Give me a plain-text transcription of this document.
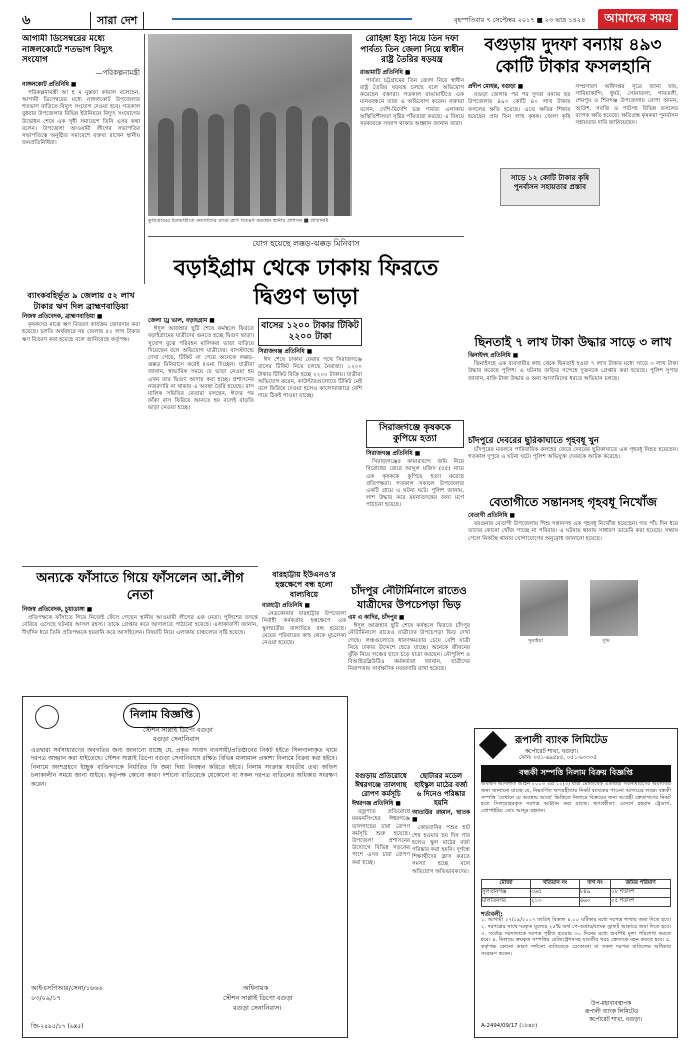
৬	সারা দেশ	বৃহস্পতিবার ৭ সেপ্টেম্বর ২০১৭ ■ ২৩ ভাদ্র ১৪২৪	আমাদের সময়
আগামী ডিসেম্বরের মধ্যে নাঙ্গলকোটে শতভাগ বিদ্যুৎ সংযোগ
—পরিকল্পনামন্ত্রী
নাঙ্গলকোট প্রতিনিধি ■

পরিকল্পনামন্ত্রী আ হ ম মুস্তফা কামাল বলেছেন, আগামী ডিসেম্বরের মধ্যে নাঙ্গলকোট উপজেলার শতভাগ বাড়িতে বিদ্যুৎ সংযোগ দেওয়া হবে। গতকাল বুধবার উপজেলার বিভিন্ন ইউনিয়নে বিদ্যুৎ সংযোগের উদ্বোধন শেষে এক সুধী সমাবেশে তিনি এসব কথা বলেন। উপজেলা আওয়ামী লীগের সভাপতির সভাপতিত্বে অনুষ্ঠিত সমাবেশে বক্তব্য রাখেন স্থানীয় জনপ্রতিনিধিরা।

কুড়িগ্রামের চিলমারীতে বন্যার্তদের মাঝে ত্রাণ বিতরণ করছেন স্থানীয় প্রশাসন ■ প্রতিনিধি
রোহিঙ্গা ইস্যু নিয়ে তিন দফা পার্বত্য তিন জেলা নিয়ে স্বাধীন রাষ্ট্র তৈরির ষড়যন্ত্র
রাঙামাটি প্রতিনিধি ■

পার্বত্য চট্টগ্রামের তিন জেলা নিয়ে স্বাধীন রাষ্ট্র তৈরির ষড়যন্ত্র চলছে বলে অভিযোগ করেছেন বক্তারা। গতকাল রাঙামাটিতে এক মানববন্ধনে তারা এ অভিযোগ করেন। বক্তারা বলেন, দেশি-বিদেশি চক্র পার্বত্য এলাকায় অস্থিতিশীলতা সৃষ্টির পাঁয়তারা করছে। এ বিষয়ে সরকারকে সজাগ থাকার আহ্বান জানান তারা।

বগুড়ায় দুদফা বন্যায় ৪৯৩ কোটি টাকার ফসলহানি
প্রদীপ মোহন্ত, বগুড়া ■

বগুড়া জেলায় পর পর দুদফা বন্যায় ছয় উপজেলায় ৪৯৩ কোটি ৪০ লাখ টাকার ফসলের ক্ষতি হয়েছে। এতে ক্ষতির শিকার হয়েছেন প্রায় তিন লাখ কৃষক। জেলা কৃষি সম্প্রসারণ অধিদপ্তর সূত্রে জানা যায়, সারিয়াকান্দি, ধুনট, সোনাতলা, গাবতলী, শেরপুর ও শিবগঞ্জ উপজেলায় রোপা আমন, আউশ, সবজি ও পাটসহ বিভিন্ন ফসলের ব্যাপক ক্ষতি হয়েছে। ক্ষতিগ্রস্ত কৃষকরা পুনর্বাসন সহায়তার দাবি জানিয়েছেন।

সাড়ে ১২ কোটি টাকার কৃষি পুনর্বাসন সহায়তার প্রস্তাব
যোগ হয়েছে লক্কড়-ঝক্কড় মিনিবাস
বড়াইগ্রাম থেকে ঢাকায় ফিরতে দ্বিগুণ ভাড়া
জেলা ট্রি ভাল, বড়াইগ্রাম ■

ঈদুল আজহার ছুটি শেষে কর্মস্থলে ফিরতে বড়াইগ্রামের যাত্রীদের গুনতে হচ্ছে দ্বিগুণ ভাড়া। সুযোগ বুঝে পরিবহন মালিকরা ভাড়া বাড়িয়ে দিয়েছেন বলে অভিযোগ যাত্রীদের। বাসস্ট্যান্ডে দেখা গেছে, টিকিট না পেয়ে অনেকে লক্কড়-ঝক্কড় মিনিবাসে করেই রওনা দিচ্ছেন। যাত্রীরা জানান, স্বাভাবিক সময়ে যে ভাড়া নেওয়া হয় এখন তার দ্বিগুণ আদায় করা হচ্ছে। প্রশাসনের নজরদারি না থাকায় এ অবস্থা তৈরি হয়েছে। বাস মালিক সমিতির নেতারা বলছেন, ঈদের পর ফাঁকা বাস ফিরিয়ে আনতে হয় বলেই বাড়তি ভাড়া নেওয়া হচ্ছে।

বাসের ১২০০ টাকার টিকিট ২২০০ টাকা
সিরাজগঞ্জ প্রতিনিধি ■

ঈদ শেষে ঢাকায় ফেরার পথে সিরাজগঞ্জে বাসের টিকিট নিয়ে চলছে নৈরাজ্য। ১২০০ টাকার টিকিট বিক্রি হচ্ছে ২২০০ টাকায়। যাত্রীরা অভিযোগ করেন, কাউন্টারগুলোতে টিকিট নেই বলে ফিরিয়ে দেওয়া হলেও কালোবাজারে বেশি দামে ঠিকই পাওয়া যাচ্ছে।

সিরাজগঞ্জে কৃষককে কুপিয়ে হত্যা
সিরাজগঞ্জ প্রতিনিধি ■

সিরাজগঞ্জের কামারখন্দে জমি নিয়ে বিরোধের জেরে আব্দুল মজিদ (৫৫) নামে এক কৃষককে কুপিয়ে হত্যা করেছে প্রতিপক্ষরা। গতকাল সকালে উপজেলার একটি গ্রামে এ ঘটনা ঘটে। পুলিশ জানায়, লাশ উদ্ধার করে ময়নাতদন্তের জন্য মর্গে পাঠানো হয়েছে।

ছিনতাই ৭ লাখ টাকা উদ্ধার সাড়ে ৩ লাখ
ঝিনাইদহ প্রতিনিধি ■

ঝিনাইদহে এক ব্যবসায়ীর কাছ থেকে ছিনতাই হওয়া ৭ লাখ টাকার মধ্যে সাড়ে ৩ লাখ টাকা উদ্ধার করেছে পুলিশ। এ ঘটনায় জড়িত সন্দেহে দুজনকে গ্রেপ্তার করা হয়েছে। পুলিশ সুপার জানান, বাকি টাকা উদ্ধার ও অন্য আসামিদের ধরতে অভিযান চলছে।

চাঁদপুরে দেবরের ছুরিকাঘাতে গৃহবধূ খুন

চাঁদপুরের মতলবে পারিবারিক কলহের জেরে দেবরের ছুরিকাঘাতে এক গৃহবধূ নিহত হয়েছেন। গতকাল দুপুরে এ ঘটনা ঘটে। পুলিশ অভিযুক্ত দেবরকে আটক করেছে।

বেতাগীতে সন্তানসহ গৃহবধূ নিখোঁজ
বেতাগী প্রতিনিধি ■

বরগুনার বেতাগী উপজেলায় শিশু সন্তানসহ এক গৃহবধূ নিখোঁজ হয়েছেন। গত পাঁচ দিন ধরে তাদের কোনো খোঁজ পাচ্ছে না পরিবার। এ ঘটনায় থানায় সাধারণ ডায়েরি করা হয়েছে। সন্ধান পেলে নিকটস্থ থানায় যোগাযোগের অনুরোধ জানানো হয়েছে।

সুমাইয়া	সুমি
ব্যাংকবহির্ভূত ৯ জেলায় ৫২ লাখ টাকার ঋণ দিল ব্রাহ্মণবাড়িয়া
নিজস্ব প্রতিবেদক, ব্রাহ্মণবাড়িয়া ■

কৃষকদের মাঝে ঋণ বিতরণ কার্যক্রম জোরদার করা হয়েছে। চলতি অর্থবছরে নয় জেলায় ৫২ লাখ টাকার ঋণ বিতরণ করা হয়েছে বলে জানিয়েছে কর্তৃপক্ষ।

অন্যকে ফাঁসাতে গিয়ে ফাঁসলেন আ.লীগ নেতা
নিজস্ব প্রতিবেদক, চুয়াডাঙ্গা ■

প্রতিপক্ষকে ফাঁসাতে গিয়ে নিজেই ফেঁসে গেছেন স্থানীয় আওয়ামী লীগের এক নেতা। পুলিশের তদন্তে বেরিয়ে এসেছে ঘটনার আসল রহস্য। তাকে গ্রেপ্তার করে আদালতে পাঠানো হয়েছে। এলাকাবাসী জানান, দীর্ঘদিন ধরে তিনি প্রতিপক্ষকে হয়রানি করে আসছিলেন। বিষয়টি নিয়ে এলাকায় চাঞ্চল্যের সৃষ্টি হয়েছে।

বারহাট্টায় ইউএনও'র হস্তক্ষেপে বন্ধ হলো বাল্যবিয়ে
বারহাট্টা প্রতিনিধি ■

নেত্রকোনার বারহাট্টায় উপজেলা নির্বাহী কর্মকর্তার হস্তক্ষেপে এক স্কুলছাত্রীর বাল্যবিয়ে বন্ধ হয়েছে। মেয়ের পরিবারের কাছ থেকে মুচলেকা নেওয়া হয়েছে।

চাঁদপুর নৌটার্মিনালে রাতেও যাত্রীদের উপচেপড়া ভিড়
এম এ কাদির, চাঁদপুর ■

ঈদুল আজহার ছুটি শেষে কর্মস্থলে ফিরতে চাঁদপুর নৌটার্মিনালে রাতেও যাত্রীদের উপচেপড়া ভিড় দেখা গেছে। লঞ্চগুলোতে ধারণক্ষমতার চেয়ে বেশি যাত্রী নিয়ে ঢাকার উদ্দেশে ছেড়ে যাচ্ছে। অনেকে জীবনের ঝুঁকি নিয়ে লঞ্চের ছাদে চড়ে যাত্রা করছেন। নৌপুলিশ ও বিআইডব্লিউটিএ কর্মকর্তারা জানান, যাত্রীদের নিরাপত্তায় সার্বক্ষণিক নজরদারি রাখা হয়েছে।

নিলাম বিজ্ঞপ্তি
স্টেশন সাপ্লাই ডিপো বগুড়া
বগুড়া সেনানিবাস
এতদ্বারা সর্বসাধারণের অবগতির জন্য জানানো যাচ্ছে যে, প্রকৃত সংবাদ ব্যবসায়ী/প্রতিষ্ঠানের নিকট হইতে সিলগালাকৃত খামে দরপত্র আহ্বান করা যাইতেছে। স্টেশন সাপ্লাই ডিপো বগুড়া সেনানিবাসে রক্ষিত বিভিন্ন মালামাল প্রকাশ্য নিলামে বিক্রয় করা হইবে। নিলামে অংশগ্রহণে ইচ্ছুক ব্যক্তিগণকে নির্ধারিত ফি জমা দিয়া নিবন্ধন করিতে হইবে। নিলাম সংক্রান্ত যাবতীয় তথ্য অফিস চলাকালীন সময়ে জানা যাইবে। কর্তৃপক্ষ কোনো কারণ দর্শানো ব্যতিরেকে যেকোনো বা সকল দরপত্র বাতিলের অধিকার সংরক্ষণ করেন।
আইএসপিআর/সেনা/১৬৬৬
০৩/০৯/১৭
অধিনায়ক
স্টেশন সাপ্লাই ডিপো বগুড়া
বগুড়া সেনানিবাস।
জি-২৪৯৫/১৭ (৬x৫)
বগুড়ায় প্রতিরোধে ঈশ্বরগঞ্জে তালগাছ রোপণ কর্মসূচি
ঈশ্বরগঞ্জ প্রতিনিধি ■

বজ্রপাত প্রতিরোধে ময়মনসিংহের ঈশ্বরগঞ্জে তালগাছের চারা রোপণ কর্মসূচি শুরু হয়েছে। উপজেলা প্রশাসনের উদ্যোগে বিভিন্ন সড়কের পাশে এসব চারা রোপণ করা হচ্ছে।

ছোটারর মডেল হাইস্কুল মাঠের বর্জ্য ৬ দিনেও পরিষ্কার হয়নি
আতাউর রহমান, ছাতক ■

কোরবানির পশুর হাট শেষ হওয়ার ছয় দিন পার হলেও স্কুল মাঠের বর্জ্য পরিষ্কার করা হয়নি। দুর্গন্ধে শিক্ষার্থীদের ক্লাস করতে সমস্যা হচ্ছে বলে অভিযোগ অভিভাবকদের।

রূপালী ব্যাংক লিমিটেড
কর্পোরেট শাখা, বগুড়া।
ফোন: ০৫১-৬৯৫৮৫, ০৫১-৬৩৩০৫
বন্ধকী সম্পত্তি নিলাম বিক্রয় বিজ্ঞপ্তি
অর্থঋণ আদালত আইন ২০০৩ এর ১২(৩) ধারা মোতাবেক এতদ্বারা সর্বসাধারণের অবগতির জন্য জানানো যাচ্ছে যে, নিম্নবর্ণিত ঋণগ্রহীতার নিকট ব্যাংকের পাওনা আদায়ের লক্ষ্যে বন্ধকী সম্পত্তি 'যেখানে যে অবস্থায় আছে' ভিত্তিতে নিলামে বিক্রয়ের জন্য আগ্রহী ক্রেতাগণের নিকট হতে সিলমোহরকৃত দরপত্র আহ্বান করা যাচ্ছে। ঋণগ্রহীতা: মেসার্স রহমান ট্রেডার্স, প্রোপাইটর: মোঃ আব্দুর রহমান।
মৌজা	খতিয়ান নং	দাগ নং	জমির পরিমাণ
সুলতানগঞ্জ	৩৬৫	৮৪৯	০৮ শতাংশ
মালতিনগর	২১৩	৬৬০	০৫ শতাংশ
শর্তাবলী:
১. আগামী ২৭/০৯/২০১৭ তারিখ বিকাল ৪.০০ ঘটিকার মধ্যে দরপত্র শাখায় জমা দিতে হবে। ২. দরপত্রের সাথে দরকৃত মূল্যের ২৫% অর্থ পে-অর্ডার/ব্যাংক ড্রাফট আকারে জমা দিতে হবে। ৩. সর্বোচ্চ দরদাতাকে দরপত্র গৃহীত হওয়ার ৩০ দিনের মধ্যে অবশিষ্ট মূল্য পরিশোধ করতে হবে। ৪. নিলামে ক্রয়কৃত সম্পত্তির রেজিস্ট্রেশনসহ যাবতীয় খরচ ক্রেতাকে বহন করতে হবে। ৫. কর্তৃপক্ষ কোনো কারণ দর্শানো ব্যতিরেকে যেকোনো বা সকল দরপত্র বাতিলের অধিকার সংরক্ষণ করেন।
উপ-মহাব্যবস্থাপক
রূপালী ব্যাংক লিমিটেড
কর্পোরেট শাখা, বগুড়া।
A-2494/09/17 (১৮x৮)
